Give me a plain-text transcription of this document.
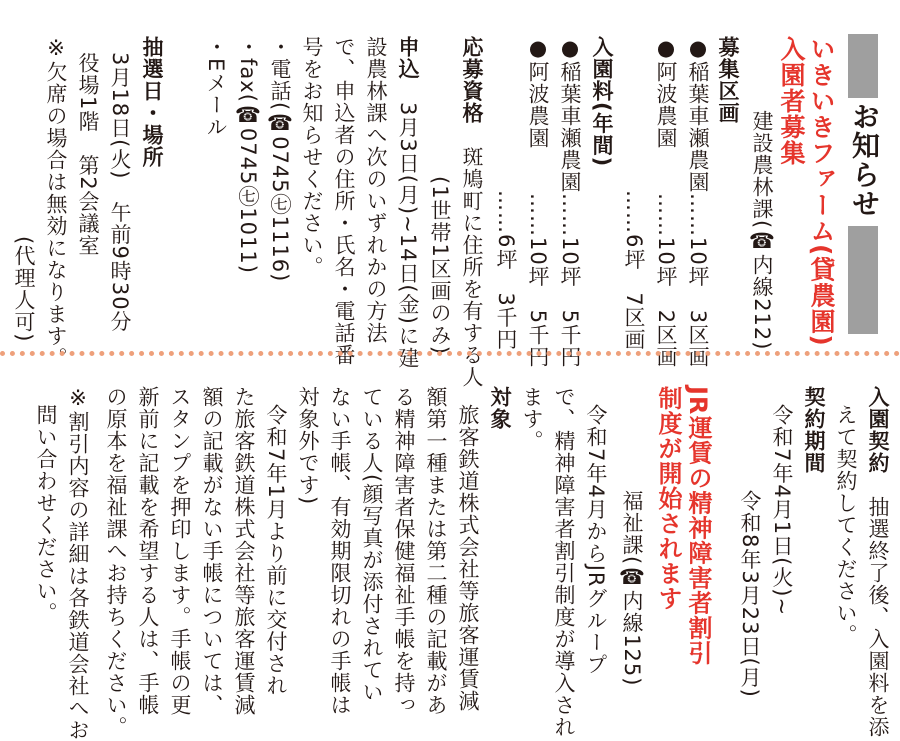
お知らせ
いきいきファーム(貸農園)
入園者募集
建設農林課(☎内線212)
募集区画
●稲葉車瀬農園……10坪　3区画
●阿波農園　　……10坪　2区画
　　　　　　　……6坪　7区画
入園料(年間)
●稲葉車瀬農園……10坪　5千円
●阿波農園　　……10坪　5千円
　　　　　　　……6坪　3千円
応募資格　斑鳩町に住所を有する人
(1世帯1区画のみ)
申込　3月3日(月)~14日(金)に建
設農林課へ次のいずれかの方法
で、申込者の住所・氏名・電話番
号をお知らせください。
・電話(☎0745㊆1116)
・fax(☎0745㊆1011)
・Eメール
抽選日・場所
3月18日(火)　午前9時30分
役場1階　第2会議室
※欠席の場合は無効になります。
(代理人可)
入園契約　抽選終了後、入園料を添
えて契約してください。
契約期間
令和7年4月1日(火)~
令和8年3月23日(月)
JR運賃の精神障害者割引
制度が開始されます
福祉課(☎内線125)
令和7年4月からJRグループ
で、精神障害者割引制度が導入され
ます。
対象
旅客鉄道株式会社等旅客運賃減
額第一種または第二種の記載があ
る精神障害者保健福祉手帳を持っ
ている人(顔写真が添付されてい
ない手帳、有効期限切れの手帳は
対象外です)
令和7年1月より前に交付され
た旅客鉄道株式会社等旅客運賃減
額の記載がない手帳については、
スタンプを押印します。手帳の更
新前に記載を希望する人は、手帳
の原本を福祉課へお持ちください。
※割引内容の詳細は各鉄道会社へお
問い合わせください。
